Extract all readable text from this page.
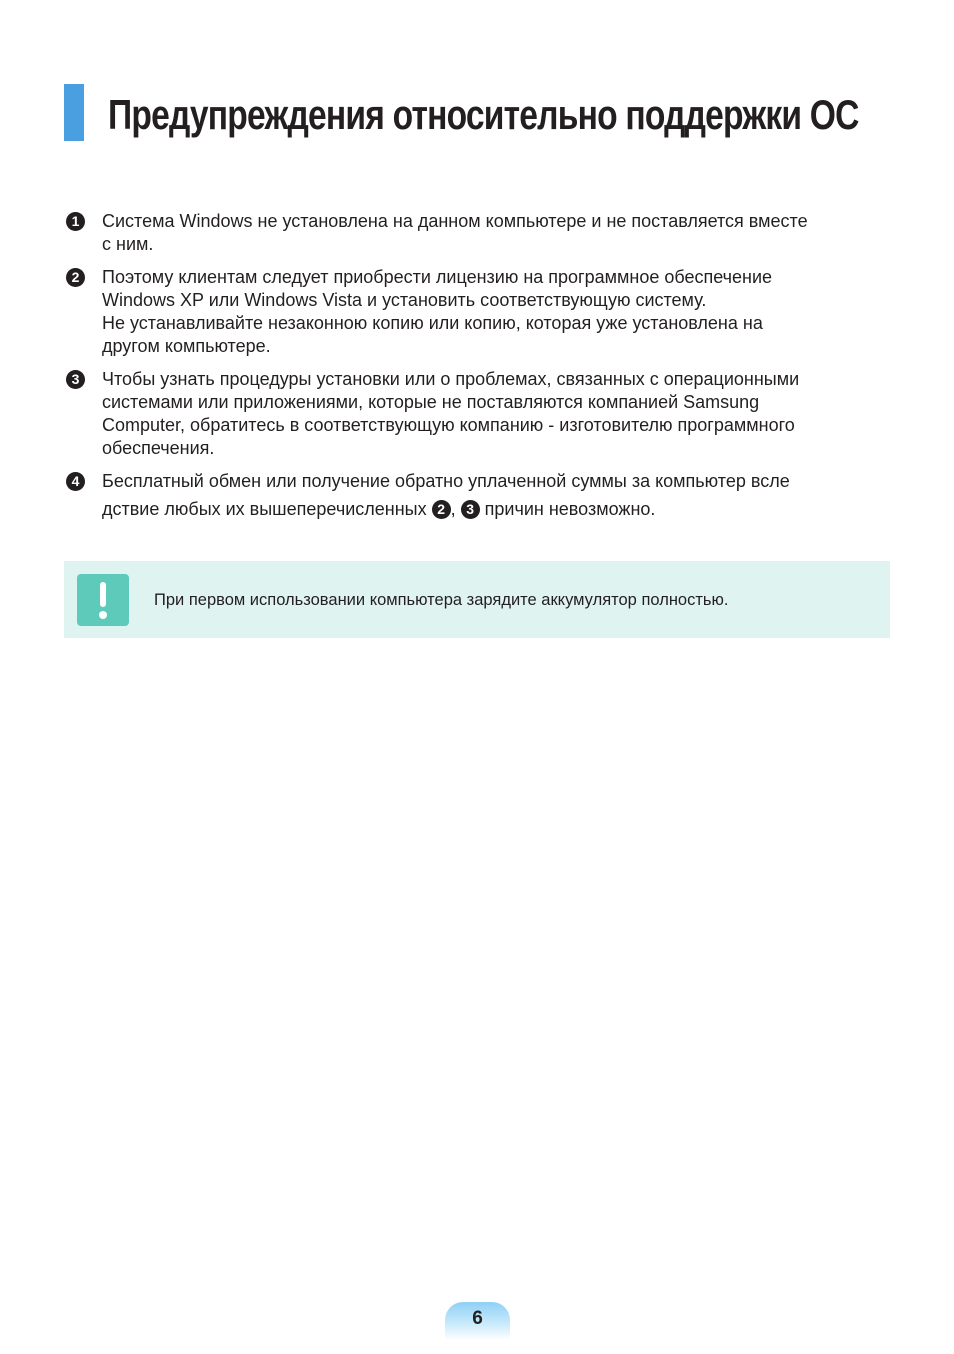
Предупреждения относительно поддержки ОС
1	Система Windows не установлена на данном компьютере и не поставляется вместе
с ним.
2	Поэтому клиентам следует приобрести лицензию на программное обеспечение
Windows XP или Windows Vista и установить соответствующую систему.
Не устанавливайте незаконною копию или копию, которая уже установлена на
другом компьютере.
3	Чтобы узнать процедуры установки или о проблемах, связанных с операционными
системами или приложениями, которые не поставляются компанией Samsung
Computer, обратитесь в соответствующую компанию - изготовителю программного
обеспечения.
4	Бесплатный обмен или получение обратно уплаченной суммы за компьютер всле
дствие любых их вышеперечисленных 2 , 3 причин невозможно.
При первом использовании компьютера зарядите аккумулятор полностью.
6
